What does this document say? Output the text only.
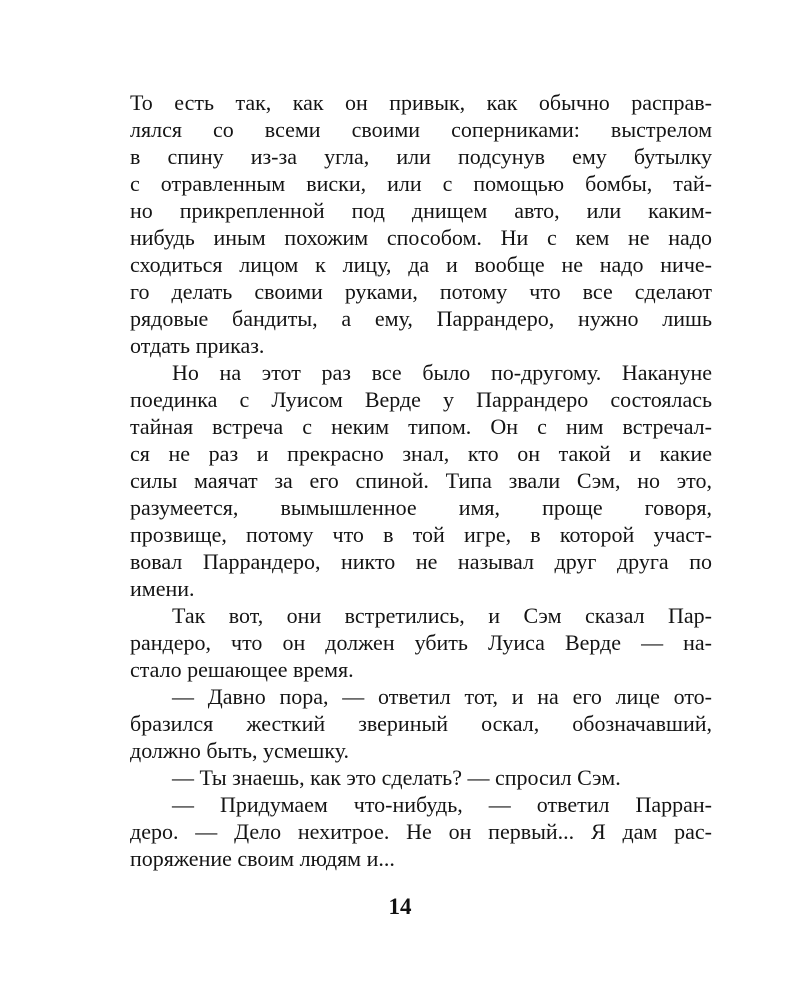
То есть так, как он привык, как обычно расправ-
лялся со всеми своими соперниками: выстрелом
в спину из-за угла, или подсунув ему бутылку
с отравленным виски, или с помощью бомбы, тай-
но прикрепленной под днищем авто, или каким-
нибудь иным похожим способом. Ни с кем не надо
сходиться лицом к лицу, да и вообще не надо ниче-
го делать своими руками, потому что все сделают
рядовые бандиты, а ему, Паррандеро, нужно лишь
отдать приказ.
Но на этот раз все было по-другому. Накануне
поединка с Луисом Верде у Паррандеро состоялась
тайная встреча с неким типом. Он с ним встречал-
ся не раз и прекрасно знал, кто он такой и какие
силы маячат за его спиной. Типа звали Сэм, но это,
разумеется, вымышленное имя, проще говоря,
прозвище, потому что в той игре, в которой участ-
вовал Паррандеро, никто не называл друг друга по
имени.
Так вот, они встретились, и Сэм сказал Пар-
рандеро, что он должен убить Луиса Верде — на-
стало решающее время.
— Давно пора, — ответил тот, и на его лице ото-
бразился жесткий звериный оскал, обозначавший,
должно быть, усмешку.
— Ты знаешь, как это сделать? — спросил Сэм.
— Придумаем что-нибудь, — ответил Парран-
деро. — Дело нехитрое. Не он первый... Я дам рас-
поряжение своим людям и...
14
